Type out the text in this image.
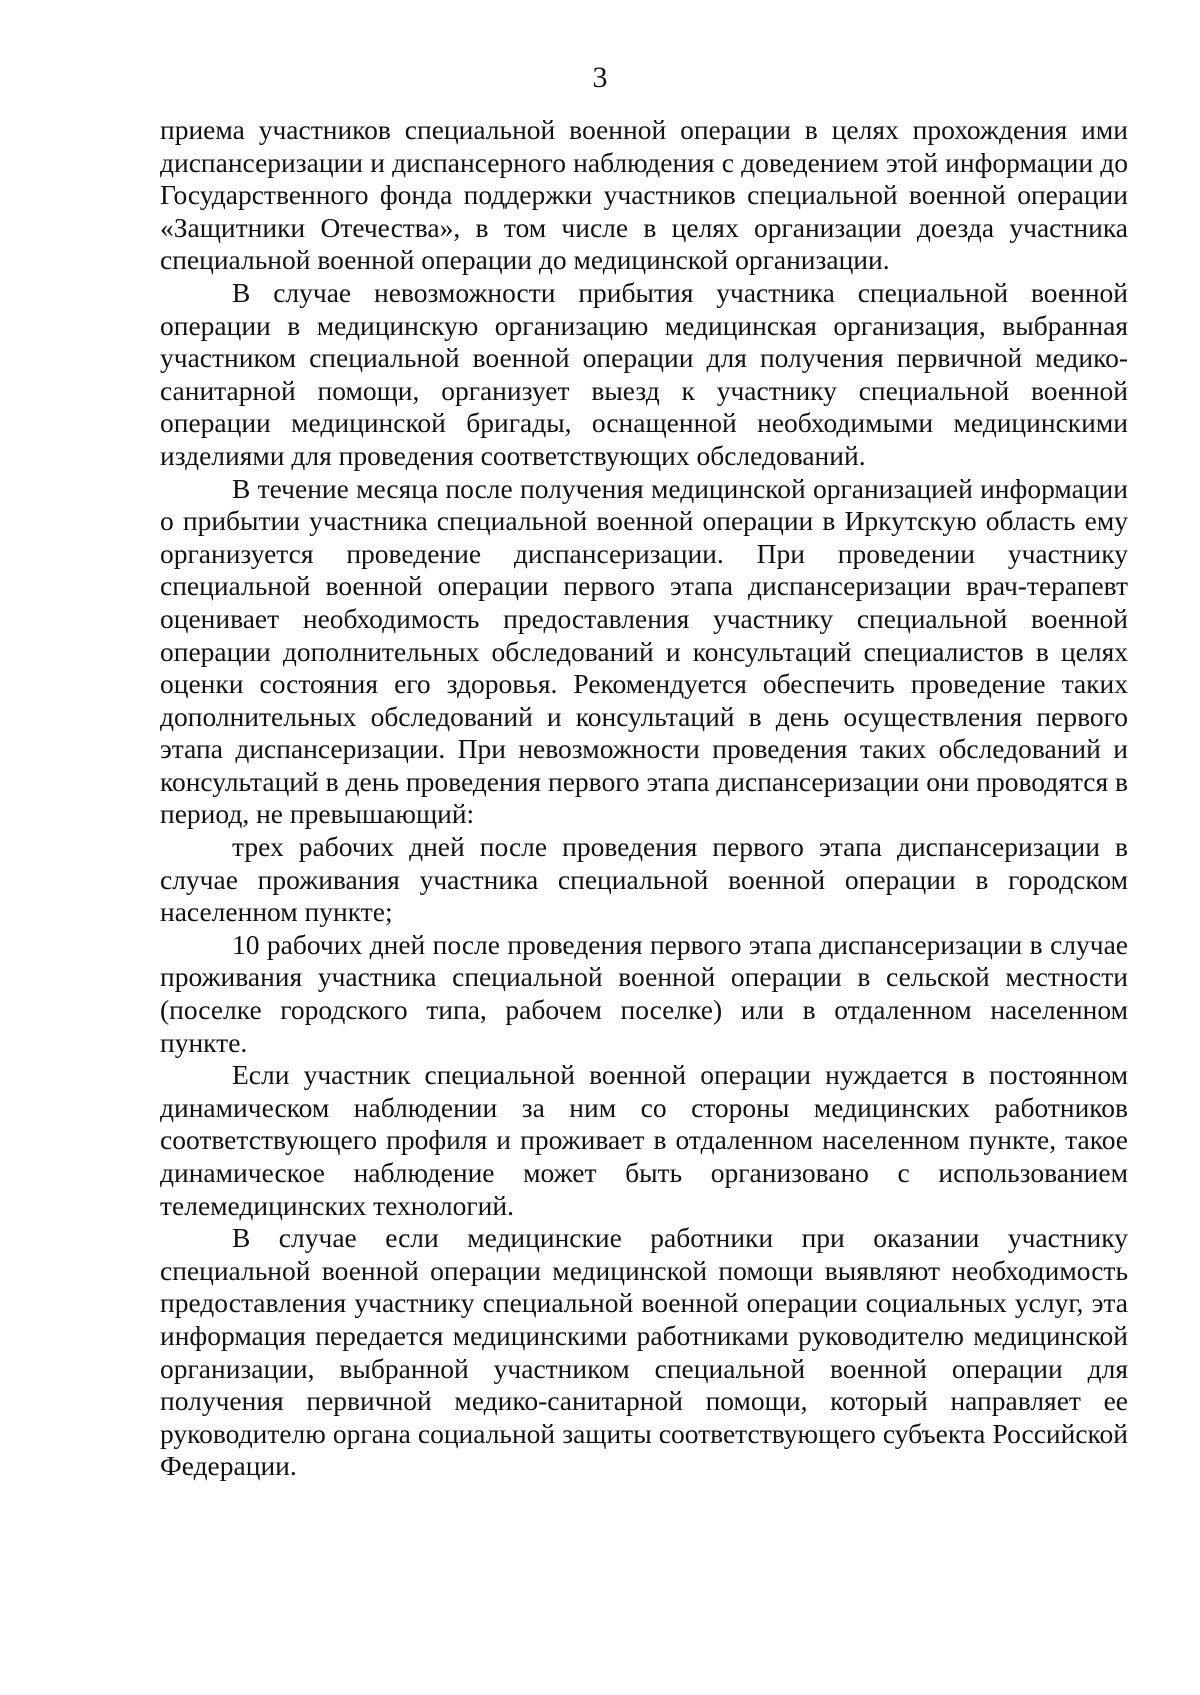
3

приема участников специальной военной операции в целях прохождения ими диспансеризации и диспансерного наблюдения с доведением этой информации до Государственного фонда поддержки участников специальной военной операции «Защитники Отечества», в том числе в целях организации доезда участника специальной военной операции до медицинской организации.

В случае невозможности прибытия участника специальной военной операции в медицинскую организацию медицинская организация, выбранная участником специальной военной операции для получения первичной медико-санитарной помощи, организует выезд к участнику специальной военной операции медицинской бригады, оснащенной необходимыми медицинскими изделиями для проведения соответствующих обследований.

В течение месяца после получения медицинской организацией информации о прибытии участника специальной военной операции в Иркутскую область ему организуется проведение диспансеризации. При проведении участнику специальной военной операции первого этапа диспансеризации врач-терапевт оценивает необходимость предоставления участнику специальной военной операции дополнительных обследований и консультаций специалистов в целях оценки состояния его здоровья. Рекомендуется обеспечить проведение таких дополнительных обследований и консультаций в день осуществления первого этапа диспансеризации. При невозможности проведения таких обследований и консультаций в день проведения первого этапа диспансеризации они проводятся в период, не превышающий:

трех рабочих дней после проведения первого этапа диспансеризации в случае проживания участника специальной военной операции в городском населенном пункте;

10 рабочих дней после проведения первого этапа диспансеризации в случае проживания участника специальной военной операции в сельской местности (поселке городского типа, рабочем поселке) или в отдаленном населенном пункте.

Если участник специальной военной операции нуждается в постоянном динамическом наблюдении за ним со стороны медицинских работников соответствующего профиля и проживает в отдаленном населенном пункте, такое динамическое наблюдение может быть организовано с использованием телемедицинских технологий.

В случае если медицинские работники при оказании участнику специальной военной операции медицинской помощи выявляют необходимость предоставления участнику специальной военной операции социальных услуг, эта информация передается медицинскими работниками руководителю медицинской организации, выбранной участником специальной военной операции для получения первичной медико-санитарной помощи, который направляет ее руководителю органа социальной защиты соответствующего субъекта Российской Федерации.
